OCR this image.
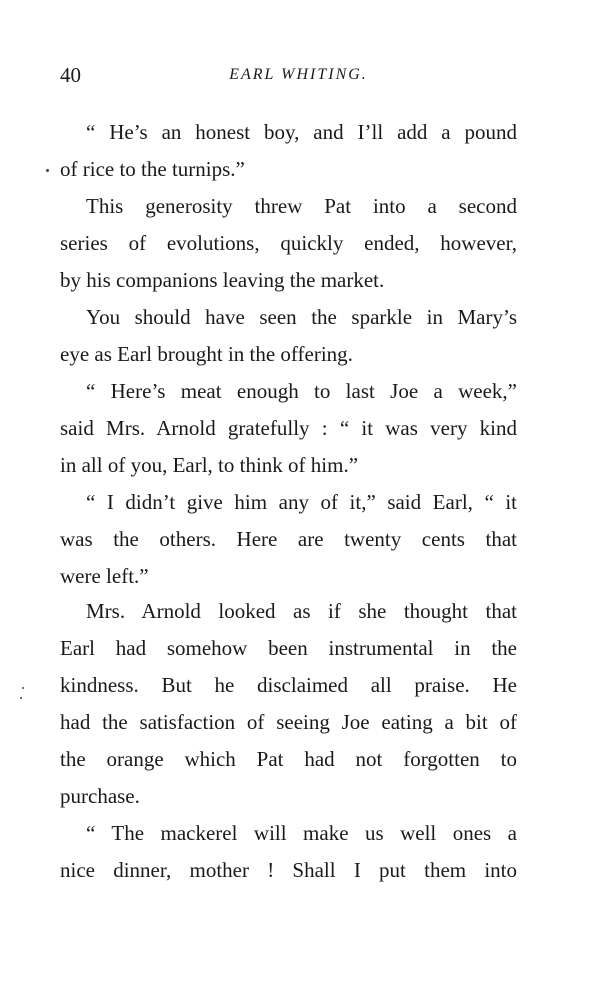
40	EARL WHITING.
“ He’s an honest boy, and I’ll add a pound
of rice to the turnips.”
This generosity threw Pat into a second
series of evolutions, quickly ended, however,
by his companions leaving the market.
You should have seen the sparkle in Mary’s
eye as Earl brought in the offering.
“ Here’s meat enough to last Joe a week,”
said Mrs. Arnold gratefully : “ it was very kind
in all of you, Earl, to think of him.”
“ I didn’t give him any of it,” said Earl, “ it
was the others. Here are twenty cents that
were left.”
Mrs. Arnold looked as if she thought that
Earl had somehow been instrumental in the
kindness. But he disclaimed all praise. He
had the satisfaction of seeing Joe eating a bit of
the orange which Pat had not forgotten to
purchase.
“ The mackerel will make us well ones a
nice dinner, mother ! Shall I put them into
